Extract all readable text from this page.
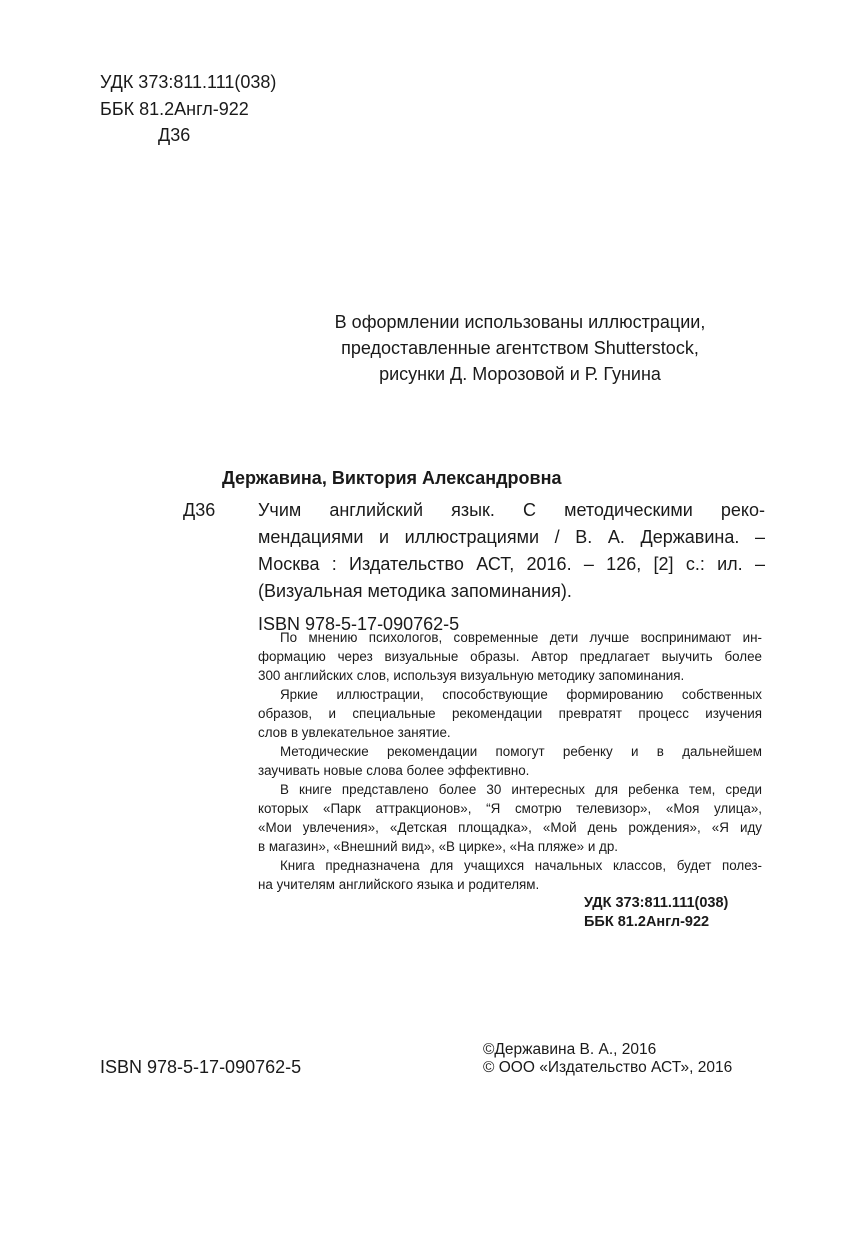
УДК 373:811.111(038)
ББК 81.2Англ-922
Д36
В оформлении использованы иллюстрации,
предоставленные агентством Shutterstock,
рисунки Д. Морозовой и Р. Гунина
Державина, Виктория Александровна
Д36 Учим английский язык. С методическими реко-
мендациями и иллюстрациями / В. А. Державина. –
Москва : Издательство АСТ, 2016. – 126, [2] с.: ил. –
(Визуальная методика запоминания).
ISBN 978-5-17-090762-5
По мнению психологов, современные дети лучше воспринимают ин-
формацию через визуальные образы. Автор предлагает выучить более
300 английских слов, используя визуальную методику запоминания.
Яркие иллюстрации, способствующие формированию собственных
образов, и специальные рекомендации превратят процесс изучения
слов в увлекательное занятие.
Методические рекомендации помогут ребенку и в дальнейшем
заучивать новые слова более эффективно.
В книге представлено более 30 интересных для ребенка тем, среди
которых «Парк аттракционов», “Я смотрю телевизор», «Моя улица»,
«Мои увлечения», «Детская площадка», «Мой день рождения», «Я иду
в магазин», «Внешний вид», «В цирке», «На пляже» и др.
Книга предназначена для учащихся начальных классов, будет полез-
на учителям английского языка и родителям.
УДК 373:811.111(038)
ББК 81.2Англ-922
ISBN 978-5-17-090762-5
©Державина В. А., 2016
© ООО «Издательство АСТ», 2016
